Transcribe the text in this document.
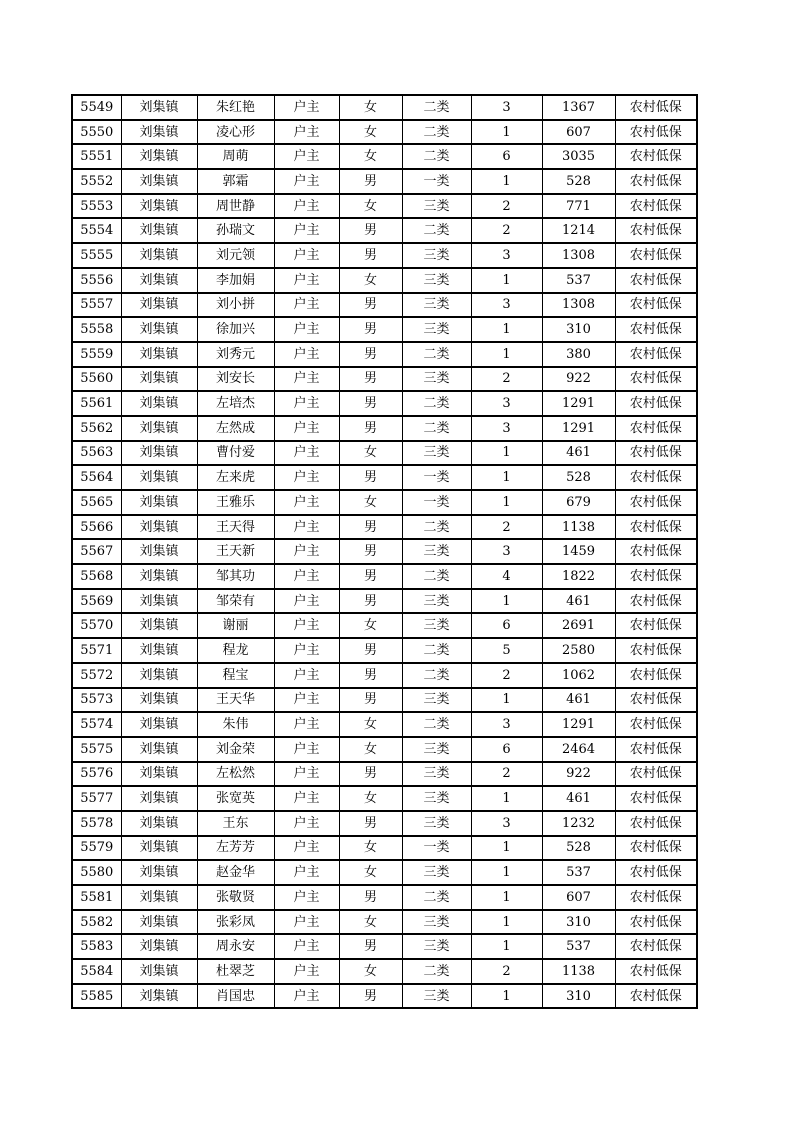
5549	刘集镇	朱红艳	户主	女	二类	3	1367	农村低保
5550	刘集镇	凌心形	户主	女	二类	1	607	农村低保
5551	刘集镇	周萌	户主	女	二类	6	3035	农村低保
5552	刘集镇	郭霜	户主	男	一类	1	528	农村低保
5553	刘集镇	周世静	户主	女	三类	2	771	农村低保
5554	刘集镇	孙瑞文	户主	男	二类	2	1214	农村低保
5555	刘集镇	刘元领	户主	男	三类	3	1308	农村低保
5556	刘集镇	李加娟	户主	女	三类	1	537	农村低保
5557	刘集镇	刘小拼	户主	男	三类	3	1308	农村低保
5558	刘集镇	徐加兴	户主	男	三类	1	310	农村低保
5559	刘集镇	刘秀元	户主	男	二类	1	380	农村低保
5560	刘集镇	刘安长	户主	男	三类	2	922	农村低保
5561	刘集镇	左培杰	户主	男	二类	3	1291	农村低保
5562	刘集镇	左然成	户主	男	二类	3	1291	农村低保
5563	刘集镇	曹付爱	户主	女	三类	1	461	农村低保
5564	刘集镇	左来虎	户主	男	一类	1	528	农村低保
5565	刘集镇	王雅乐	户主	女	一类	1	679	农村低保
5566	刘集镇	王天得	户主	男	二类	2	1138	农村低保
5567	刘集镇	王天新	户主	男	三类	3	1459	农村低保
5568	刘集镇	邹其功	户主	男	二类	4	1822	农村低保
5569	刘集镇	邹荣有	户主	男	三类	1	461	农村低保
5570	刘集镇	谢丽	户主	女	三类	6	2691	农村低保
5571	刘集镇	程龙	户主	男	二类	5	2580	农村低保
5572	刘集镇	程宝	户主	男	二类	2	1062	农村低保
5573	刘集镇	王天华	户主	男	三类	1	461	农村低保
5574	刘集镇	朱伟	户主	女	二类	3	1291	农村低保
5575	刘集镇	刘金荣	户主	女	三类	6	2464	农村低保
5576	刘集镇	左松然	户主	男	三类	2	922	农村低保
5577	刘集镇	张宽英	户主	女	三类	1	461	农村低保
5578	刘集镇	王东	户主	男	三类	3	1232	农村低保
5579	刘集镇	左芳芳	户主	女	一类	1	528	农村低保
5580	刘集镇	赵金华	户主	女	三类	1	537	农村低保
5581	刘集镇	张敬贤	户主	男	二类	1	607	农村低保
5582	刘集镇	张彩凤	户主	女	三类	1	310	农村低保
5583	刘集镇	周永安	户主	男	三类	1	537	农村低保
5584	刘集镇	杜翠芝	户主	女	二类	2	1138	农村低保
5585	刘集镇	肖国忠	户主	男	三类	1	310	农村低保
